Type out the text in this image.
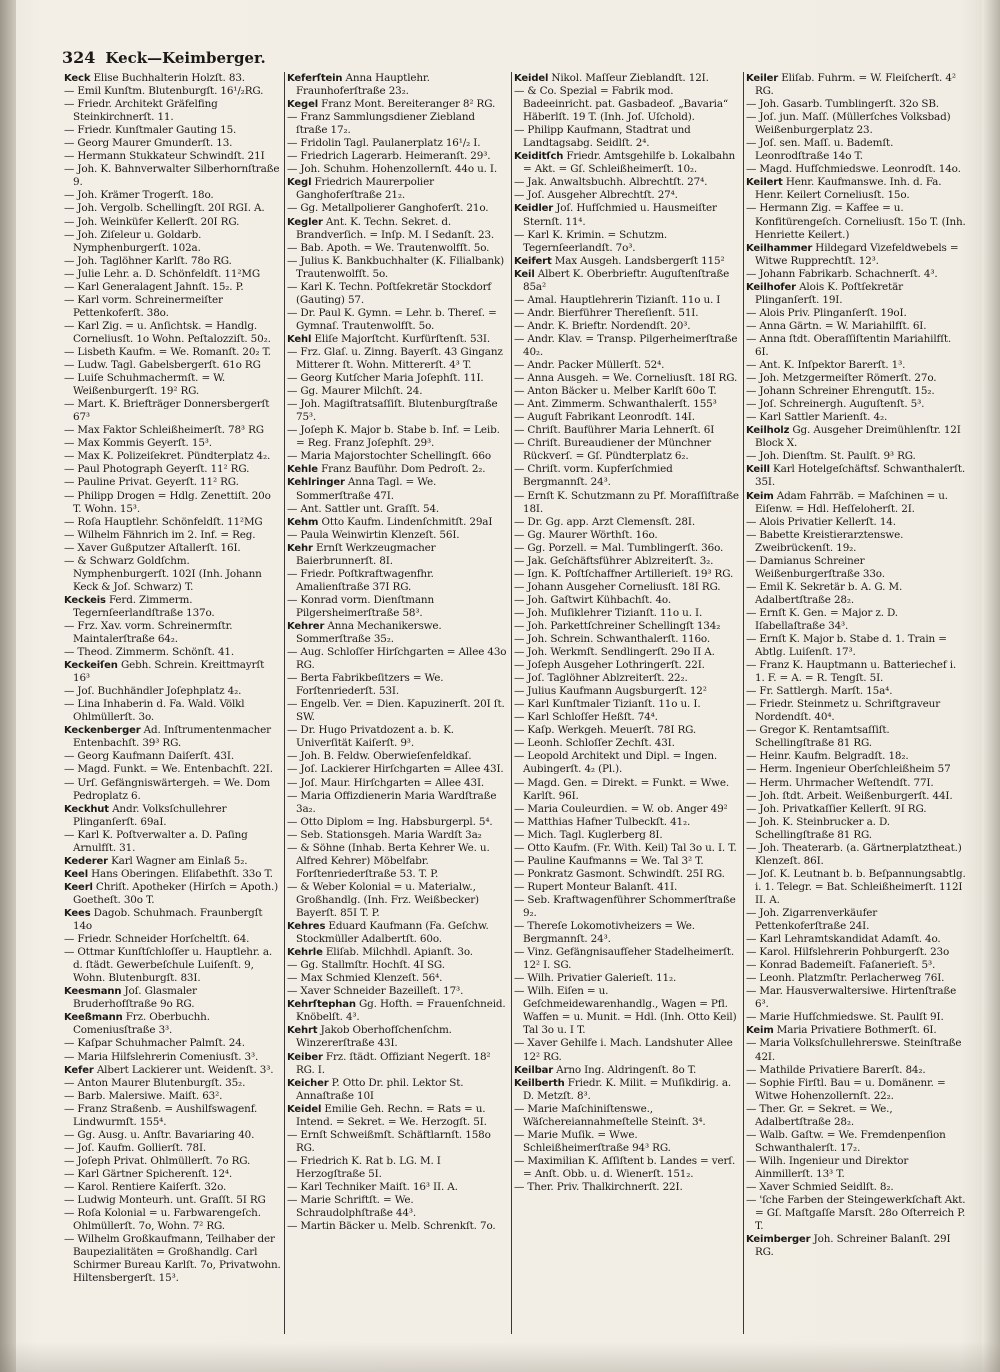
324 Keck—Keimberger.
Keck Elise Buchhalterin Holzſt. 83.
— Emil Kunſtm. Blutenburgſt. 16¹/₂RG.
— Friedr. Architekt Gräfelfing Steinkirchnerſt. 11.
— Friedr. Kunſtmaler Gauting 15.
— Georg Maurer Gmunderſt. 13.
— Hermann Stukkateur Schwindſt. 21I
— Joh. K. Bahnverwalter Silberhornſtraße 9.
— Joh. Krämer Trogerſt. 18o.
— Joh. Vergolb. Schellingſt. 20I RGI. A.
— Joh. Weinküfer Kellerſt. 20I RG.
— Joh. Ziſeleur u. Goldarb. Nymphenburgerſt. 102a.
— Joh. Taglöhner Karlſt. 78o RG.
— Julie Lehr. a. D. Schönfeldſt. 11²MG
— Karl Generalagent Jahnſt. 15₂. P.
— Karl vorm. Schreinermeiſter Pettenkoferſt. 38o.
— Karl Zig. = u. Anſichtsk. = Handlg. Corneliusſt. 1o Wohn. Peſtalozziſt. 50₂.
— Lisbeth Kaufm. = We. Romanſt. 20₂ T.
— Ludw. Tagl. Gabelsbergerſt. 61o RG
— Luiſe Schuhmachermſt. = W. Weißenburgerſt. 19² RG.
— Mart. K. Briefträger Donnersbergerſt 67³
— Max Faktor Schleißheimerſt. 78³ RG
— Max Kommis Geyerſt. 15³.
— Max K. Polizeiſekret. Pündterplatz 4₂.
— Paul Photograph Geyerſt. 11² RG.
— Pauline Privat. Geyerſt. 11² RG.
— Philipp Drogen = Hdlg. Zenettiſt. 20o T. Wohn. 15³.
— Roſa Hauptlehr. Schönfeldſt. 11²MG
— Wilhelm Fähnrich im 2. Inf. = Reg.
— Xaver Gußputzer Aſtallerſt. 16I.
— & Schwarz Goldſchm. Nymphenburgerſt. 102I (Inh. Johann Keck & Joſ. Schwarz) T.
Keckeis Ferd. Zimmerm. Tegernſeerlandſtraße 137o.
— Frz. Xav. vorm. Schreinermſtr. Maintalerſtraße 64₂.
— Theod. Zimmerm. Schönſt. 41.
Keckeiſen Gebh. Schrein. Kreittmayrſt 16³
— Joſ. Buchhändler Joſephplatz 4₂.
— Lina Inhaberin d. Fa. Wald. Völkl Ohlmüllerſt. 3o.
Keckenberger Ad. Inſtrumentenmacher Entenbachſt. 39³ RG.
— Georg Kaufmann Daiſerſt. 43I.
— Magd. Funkt. = We. Entenbachſt. 22I.
— Urſ. Gefängniswärtergeh. = We. Dom Pedroplatz 6.
Keckhut Andr. Volksſchullehrer Plinganſerſt. 69aI.
— Karl K. Poſtverwalter a. D. Paſing Arnulfſt. 31.
Kederer Karl Wagner am Einlaß 5₂.
Keel Hans Oberingen. Eliſabethſt. 33o T.
Keerl Chriſt. Apotheker (Hirſch = Apoth.) Goetheſt. 30o T.
Kees Dagob. Schuhmach. Fraunbergſt 14o
— Friedr. Schneider Horſcheltſt. 64.
— Ottmar Kunſtſchloſſer u. Hauptlehr. a. d. ſtädt. Gewerbeſchule Luiſenſt. 9, Wohn. Blutenburgſt. 83I.
Keesmann Joſ. Glasmaler Bruderhofſtraße 9o RG.
Keeßmann Frz. Oberbuchh. Comeniusſtraße 3³.
— Kaſpar Schuhmacher Palmſt. 24.
— Maria Hilfslehrerin Comeniusſt. 3³.
Kefer Albert Lackierer unt. Weidenſt. 3³.
— Anton Maurer Blutenburgſt. 35₂.
— Barb. Malersiwe. Maiſt. 63².
— Franz Straßenb. = Aushilfswagenf. Lindwurmſt. 155⁴.
— Gg. Ausg. u. Anſtr. Bavariaring 40.
— Joſ. Kaufm. Gollierſt. 78I.
— Joſeph Privat. Ohlmüllerſt. 7o RG.
— Karl Gärtner Spicherenſt. 12⁴.
— Karol. Rentiere Kaiſerſt. 32o.
— Ludwig Monteurh. unt. Graſſt. 5I RG
— Roſa Kolonial = u. Farbwarengeſch. Ohlmüllerſt. 7o, Wohn. 7² RG.
— Wilhelm Großkaufmann, Teilhaber der Baupezialitäten = Großhandlg. Carl Schirmer Bureau Karlſt. 7o, Privatwohn. Hiltensbergerſt. 15³.
Keferſtein Anna Hauptlehr. Fraunhoferſtraße 23₂.
Kegel Franz Mont. Bereiteranger 8² RG.
— Franz Sammlungsdiener Ziebland ſtraße 17₂.
— Fridolin Tagl. Paulanerplatz 16¹/₂ I.
— Friedrich Lagerarb. Heimeranſt. 29³.
— Joh. Schuhm. Hohenzollernſt. 44o u. I.
Kegl Friedrich Maurerpolier Ganghoferſtraße 21₂.
— Gg. Metallpolierer Ganghoferſt. 21o.
Kegler Ant. K. Techn. Sekret. d. Brandverſich. = Inſp. M. I Sedanſt. 23.
— Bab. Apoth. = We. Trautenwolfſt. 5o.
— Julius K. Bankbuchhalter (K. Filialbank) Trautenwolfſt. 5o.
— Karl K. Techn. Poſtſekretär Stockdorf (Gauting) 57.
— Dr. Paul K. Gymn. = Lehr. b. Thereſ. = Gymnaſ. Trautenwolfſt. 5o.
Kehl Eliſe Majorſtcht. Kurfürſtenſt. 53I.
— Frz. Glaſ. u. Zinng. Bayerſt. 43 Ginganz Mitterer ſt. Wohn. Mittererſt. 4³ T.
— Georg Kutſcher Maria Joſephſt. 11I.
— Gg. Maurer Milchſt. 24.
— Joh. Magiſtratsaſſiſt. Blutenburgſtraße 75³.
— Joſeph K. Major b. Stabe b. Inf. = Leib. = Reg. Franz Joſephſt. 29³.
— Maria Majorstochter Schellingſt. 66o
Kehle Franz Bauführ. Dom Pedroſt. 2₂.
Kehlringer Anna Tagl. = We. Sommerſtraße 47I.
— Ant. Sattler unt. Graſſt. 54.
Kehm Otto Kaufm. Lindenſchmitſt. 29aI
— Paula Weinwirtin Klenzeſt. 56I.
Kehr Ernſt Werkzeugmacher Baierbrunnerſt. 8I.
— Friedr. Poſtkraftwagenfhr. Amalienſtraße 37I RG.
— Konrad vorm. Dienſtmann Pilgersheimerſtraße 58³.
Kehrer Anna Mechanikerswe. Sommerſtraße 35₂.
— Aug. Schloſſer Hirſchgarten = Allee 43o RG.
— Berta Fabrikbeſitzers = We. Forſtenriederſt. 53I.
— Engelb. Ver. = Dien. Kapuzinerſt. 20I ſt. SW.
— Dr. Hugo Privatdozent a. b. K. Univerſität Kaiſerſt. 9³.
— Joh. B. Feldw. Oberwieſenfeldkaſ.
— Joſ. Lackierer Hirſchgarten = Allee 43I.
— Joſ. Maur. Hirſchgarten = Allee 43I.
— Maria Offizdienerin Maria Wardſtraße 3a₂.
— Otto Diplom = Ing. Habsburgerpl. 5⁴.
— Seb. Stationsgeh. Maria Wardſt 3a₂
— & Söhne (Inhab. Berta Kehrer We. u. Alfred Kehrer) Möbelfabr. Forſtenriederſtraße 53. T. P.
— & Weber Kolonial = u. Materialw., Großhandlg. (Inh. Frz. Weißbecker) Bayerſt. 85I T. P.
Kehres Eduard Kaufmann (Fa. Geſchw. Stockmüller Adalbertſt. 60o.
Kehrle Eliſab. Milchhdl. Apianſt. 3o.
— Gg. Stallmſtr. Hochſt. 4I SG.
— Max Schmied Klenzeſt. 56⁴.
— Xaver Schneider Bazeilleſt. 17³.
Kehrſtephan Gg. Hofth. = Frauenſchneid. Knöbelſt. 4³.
Kehrt Jakob Oberhofſchenſchm. Winzererſtraße 43I.
Keiber Frz. ſtädt. Offiziant Negerſt. 18² RG. I.
Keicher P. Otto Dr. phil. Lektor St. Annaſtraße 10I
Keidel Emilie Geh. Rechn. = Rats = u. Intend. = Sekret. = We. Herzogſt. 5I.
— Ernſt Schweißmſt. Schäftlarnſt. 158o RG.
— Friedrich K. Rat b. LG. M. I Herzogſtraße 5I.
— Karl Techniker Maiſt. 16³ II. A.
— Marie Schriftſt. = We. Schraudolphſtraße 44³.
— Martin Bäcker u. Melb. Schrenkſt. 7o.
Keidel Nikol. Maſſeur Zieblandſt. 12I.
— & Co. Spezial = Fabrik mod. Badeeinricht. pat. Gasbadeof. „Bavaria“ Häberlſt. 19 T. (Inh. Joſ. Uſchold).
— Philipp Kaufmann, Stadtrat und Landtagsabg. Seidlſt. 2⁴.
Keiditſch Friedr. Amtsgehilfe b. Lokalbahn = Akt. = Gſ. Schleißheimerſt. 10₂.
— Jak. Anwaltsbuchh. Albrechtſt. 27⁴.
— Joſ. Ausgeher Albrechtſt. 27⁴.
Keidler Joſ. Hufſchmied u. Hausmeiſter Sternſt. 11⁴.
— Karl K. Krimin. = Schutzm. Tegernſeerlandſt. 7o³.
Keifert Max Ausgeh. Landsbergerſt 115²
Keil Albert K. Oberbrieftr. Auguſtenſtraße 85a²
— Amal. Hauptlehrerin Tizianſt. 11o u. I
— Andr. Bierführer Thereſienſt. 51I.
— Andr. K. Brieftr. Nordendſt. 20³.
— Andr. Klav. = Transp. Pilgerheimerſtraße 40₂.
— Andr. Packer Müllerſt. 52⁴.
— Anna Ausgeh. = We. Corneliusſt. 18I RG.
— Anton Bäcker u. Melber Karlſt 60o T.
— Ant. Zimmerm. Schwanthalerſt. 155³
— Auguſt Fabrikant Leonrodſt. 14I.
— Chriſt. Bauführer Maria Lehnerſt. 6I
— Chriſt. Bureaudiener der Münchner Rückverſ. = Gſ. Pündterplatz 6₂.
— Chriſt. vorm. Kupferſchmied Bergmannſt. 24³.
— Ernſt K. Schutzmann zu Pf. Moraſſiſtraße 18I.
— Dr. Gg. app. Arzt Clemensſt. 28I.
— Gg. Maurer Wörthſt. 16o.
— Gg. Porzell. = Mal. Tumblingerſt. 36o.
— Jak. Geſchäftsführer Ablzreiterſt. 3₂.
— Ign. K. Poſtſchaffner Artillerieſt. 19³ RG.
— Johann Ausgeher Corneliusſt. 18I RG.
— Joh. Gaſtwirt Kühbachſt. 4o.
— Joh. Muſiklehrer Tizianſt. 11o u. I.
— Joh. Parkettſchreiner Schellingſt 134₂
— Joh. Schrein. Schwanthalerſt. 116o.
— Joh. Werkmſt. Sendlingerſt. 29o II A.
— Joſeph Ausgeher Lothringerſt. 22I.
— Joſ. Taglöhner Ablzreiterſt. 22₂.
— Julius Kaufmann Augsburgerſt. 12²
— Karl Kunſtmaler Tizianſt. 11o u. I.
— Karl Schloſſer Heßſt. 74⁴.
— Kaſp. Werkgeh. Meuerſt. 78I RG.
— Leonh. Schloſſer Zechſt. 43I.
— Leopold Architekt und Dipl. = Ingen. Aubingerſt. 4₂ (Pl.).
— Magd. Gen. = Direkt. = Funkt. = Wwe. Karlſt. 96I.
— Maria Couleurdien. = W. ob. Anger 49²
— Matthias Hafner Tulbeckſt. 41₂.
— Mich. Tagl. Kuglerberg 8I.
— Otto Kaufm. (Fr. With. Keil) Tal 3o u. I. T.
— Pauline Kaufmanns = We. Tal 3² T.
— Ponkratz Gasmont. Schwindſt. 25I RG.
— Rupert Monteur Balanſt. 41I.
— Seb. Kraftwagenführer Schommerſtraße 9₂.
— Thereſe Lokomotivheizers = We. Bergmannſt. 24³.
— Vinz. Gefängnisaufſeher Stadelheimerſt. 12² I. SG.
— Wilh. Privatier Galerieſt. 11₂.
— Wilh. Eiſen = u. Geſchmeidewarenhandlg., Wagen = Pfl. Waffen = u. Munit. = Hdl. (Inh. Otto Keil) Tal 3o u. I T.
— Xaver Gehilfe i. Mach. Landshuter Allee 12² RG.
Keilbar Arno Ing. Aldringenſt. 8o T.
Keilberth Friedr. K. Milit. = Muſikdirig. a. D. Metzſt. 8³.
— Marie Maſchiniſtenswe., Wäſchereiannahmeſtelle Steinſt. 3⁴.
— Marie Muſik. = Wwe. Schleißheimerſtraße 94³ RG.
— Maximilian K. Aſſiſtent b. Landes = verſ. = Anſt. Obb. u. d. Wienerſt. 151₂.
— Ther. Priv. Thalkirchnerſt. 22I.
Keiler Eliſab. Fuhrm. = W. Fleiſcherſt. 4² RG.
— Joh. Gasarb. Tumblingerſt. 32o SB.
— Joſ. jun. Maſſ. (Müllerſches Volksbad) Weißenburgerplatz 23.
— Joſ. sen. Maſſ. u. Bademſt. Leonrodſtraße 14o T.
— Magd. Hufſchmiedswe. Leonrodſt. 14o.
Keilert Henr. Kaufmanswe. Inh. d. Fa. Henr. Keilert Corneliusſt. 15o.
— Hermann Zig. = Kaffee = u. Konfitürengeſch. Corneliusſt. 15o T. (Inh. Henriette Keilert.)
Keilhammer Hildegard Vizefeldwebels = Witwe Rupprechtſt. 12³.
— Johann Fabrikarb. Schachnerſt. 4³.
Keilhofer Alois K. Poſtſekretär Plinganſerſt. 19I.
— Alois Priv. Plinganſerſt. 19oI.
— Anna Gärtn. = W. Mariahilfſt. 6I.
— Anna ſtdt. Oberaſſiſtentin Mariahilfſt. 6I.
— Ant. K. Inſpektor Barerſt. 1³.
— Joh. Metzgermeiſter Römerſt. 27o.
— Johann Schreiner Ehrengutſt. 15₂.
— Joſ. Schreinergh. Auguſtenſt. 5³.
— Karl Sattler Marienſt. 4₂.
Keilholz Gg. Ausgeher Dreimühlenſtr. 12I Block X.
— Joh. Dienſtm. St. Paulſt. 9³ RG.
Keill Karl Hotelgeſchäftsf. Schwanthalerſt. 35I.
Keim Adam Fahrräb. = Maſchinen = u. Eiſenw. = Hdl. Heſſeloherſt. 2I.
— Alois Privatier Kellerſt. 14.
— Babette Kreistierarztenswe. Zweibrückenſt. 19₂.
— Damianus Schreiner Weißenburgerſtraße 33o.
— Emil K. Sekretär b. A. G. M. Adalbertſtraße 28₂.
— Ernſt K. Gen. = Major z. D. Iſabellaſtraße 34³.
— Ernſt K. Major b. Stabe d. 1. Train = Abtlg. Luiſenſt. 17³.
— Franz K. Hauptmann u. Batteriechef i. 1. F. = A. = R. Tengſt. 5I.
— Fr. Sattlergh. Marſt. 15a⁴.
— Friedr. Steinmetz u. Schriftgraveur Nordendſt. 40⁴.
— Gregor K. Rentamtsaſſiſt. Schellingſtraße 81 RG.
— Heinr. Kaufm. Belgradſt. 18₂.
— Herm. Ingenieur Oberſchleißheim 57
— Herm. Uhrmacher Weſtendſt. 77I.
— Joh. ſtdt. Arbeit. Weißenburgerſt. 44I.
— Joh. Privatkaſſier Kellerſt. 9I RG.
— Joh. K. Steinbrucker a. D. Schellingſtraße 81 RG.
— Joh. Theaterarb. (a. Gärtnerplatztheat.) Klenzeſt. 86I.
— Joſ. K. Leutnant b. b. Beſpannungsabtlg. i. 1. Telegr. = Bat. Schleißheimerſt. 112I II. A.
— Joh. Zigarrenverkäufer Pettenkoferſtraße 24I.
— Karl Lehramtskandidat Adamſt. 4o.
— Karol. Hilfslehrerin Pohburgerſt. 23o
— Konrad Bademeiſt. Faſanerieſt. 5³.
— Leonh. Platzmſtr. Perlacherweg 76I.
— Mar. Hausverwaltersiwe. Hirtenſtraße 6³.
— Marie Hufſchmiedswe. St. Paulſt 9I.
Keim Maria Privatiere Bothmerſt. 6I.
— Maria Volksſchullehrerswe. Steinſtraße 42I.
— Mathilde Privatiere Barerſt. 84₂.
— Sophie Firſtl. Bau = u. Domänenr. = Witwe Hohenzollernſt. 22₂.
— Ther. Gr. = Sekret. = We., Adalbertſtraße 28₂.
— Walb. Gaſtw. = We. Fremdenpenſion Schwanthalerſt. 17₂.
— Wilh. Ingenieur und Direktor Ainmillerſt. 13³ T.
— Xaver Schmied Seidlſt. 8₂.
— 'ſche Farben der Steingewerkſchaft Akt. = Gſ. Maſtgaſſe Marsſt. 28o Oſterreich P. T.
Keimberger Joh. Schreiner Balanſt. 29I RG.
